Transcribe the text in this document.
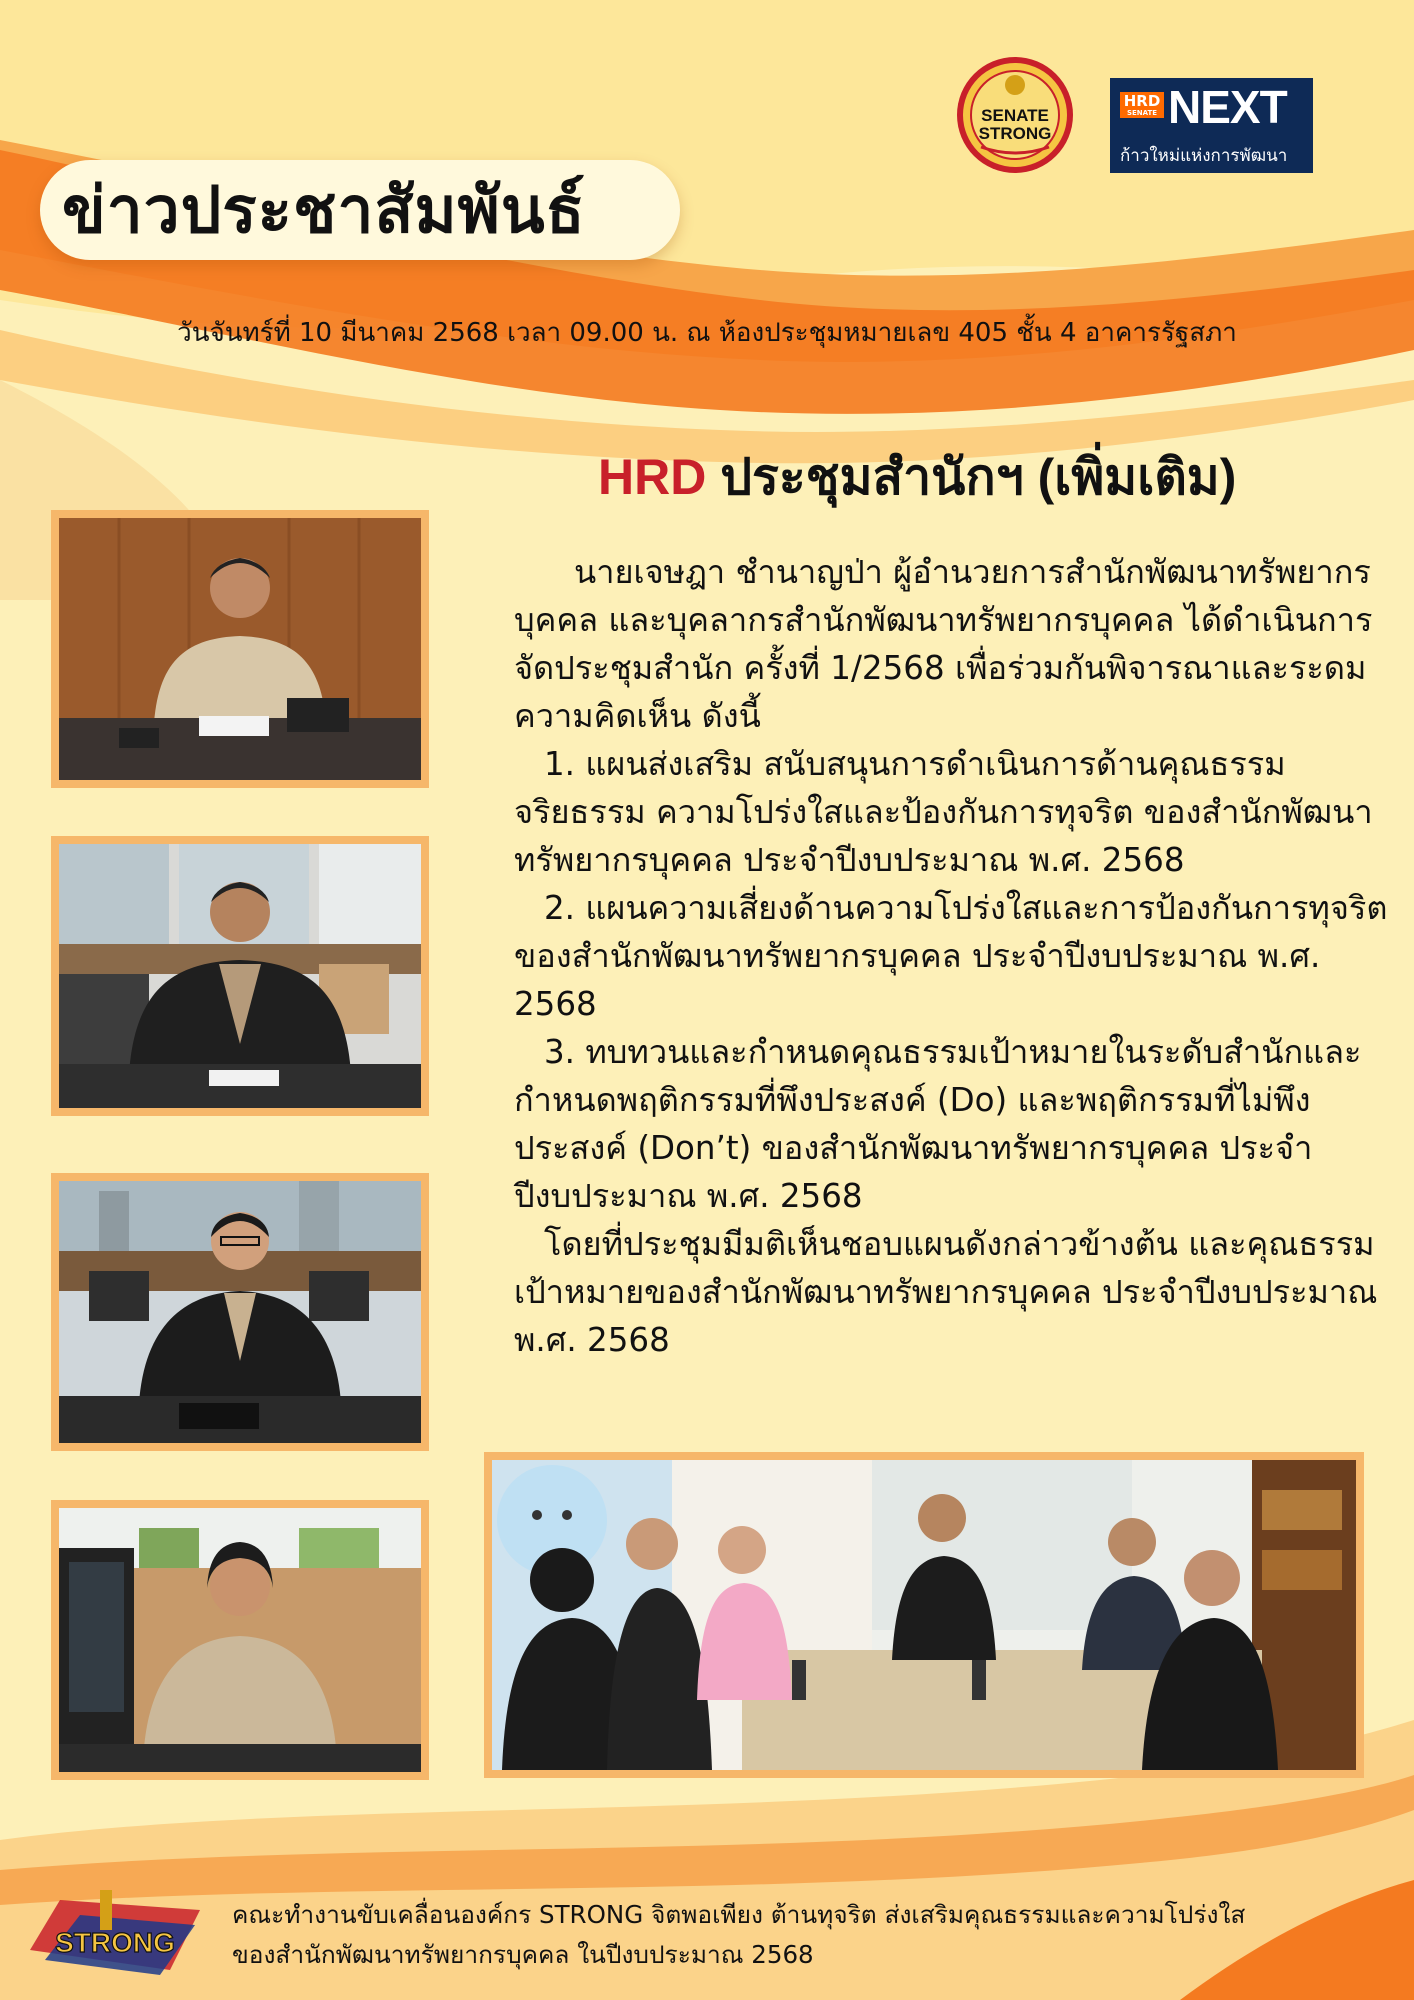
ข่าวประชาสัมพันธ์
วันจันทร์ที่ 10 มีนาคม 2568 เวลา 09.00 น. ณ ห้องประชุมหมายเลข 405 ชั้น 4 อาคารรัฐสภา
SENATE
STRONG
HRD
SENATE NEXT
ก้าวใหม่แห่งการพัฒนา
HRD ประชุมสำนักฯ (เพิ่มเติม)

นายเจษฎา ชำนาญป่า ผู้อำนวยการสำนักพัฒนาทรัพยากรบุคคล และบุคลากรสำนักพัฒนาทรัพยากรบุคคล ได้ดำเนินการจัดประชุมสำนัก ครั้งที่ 1/2568 เพื่อร่วมกันพิจารณาและระดมความคิดเห็น ดังนี้

1. แผนส่งเสริม สนับสนุนการดำเนินการด้านคุณธรรม จริยธรรม ความโปร่งใสและป้องกันการทุจริต ของสำนักพัฒนาทรัพยากรบุคคล ประจำปีงบประมาณ พ.ศ. 2568

2. แผนความเสี่ยงด้านความโปร่งใสและการป้องกันการทุจริต ของสำนักพัฒนาทรัพยากรบุคคล ประจำปีงบประมาณ พ.ศ. 2568

3. ทบทวนและกำหนดคุณธรรมเป้าหมายในระดับสำนักและกำหนดพฤติกรรมที่พึงประสงค์ (Do) และพฤติกรรมที่ไม่พึงประสงค์ (Don’t) ของสำนักพัฒนาทรัพยากรบุคคล ประจำปีงบประมาณ พ.ศ. 2568

โดยที่ประชุมมีมติเห็นชอบแผนดังกล่าวข้างต้น และคุณธรรมเป้าหมายของสำนักพัฒนาทรัพยากรบุคคล ประจำปีงบประมาณ พ.ศ. 2568

STRONG

คณะทำงานขับเคลื่อนองค์กร STRONG จิตพอเพียง ต้านทุจริต ส่งเสริมคุณธรรมและความโปร่งใส

ของสำนักพัฒนาทรัพยากรบุคคล ในปีงบประมาณ 2568
